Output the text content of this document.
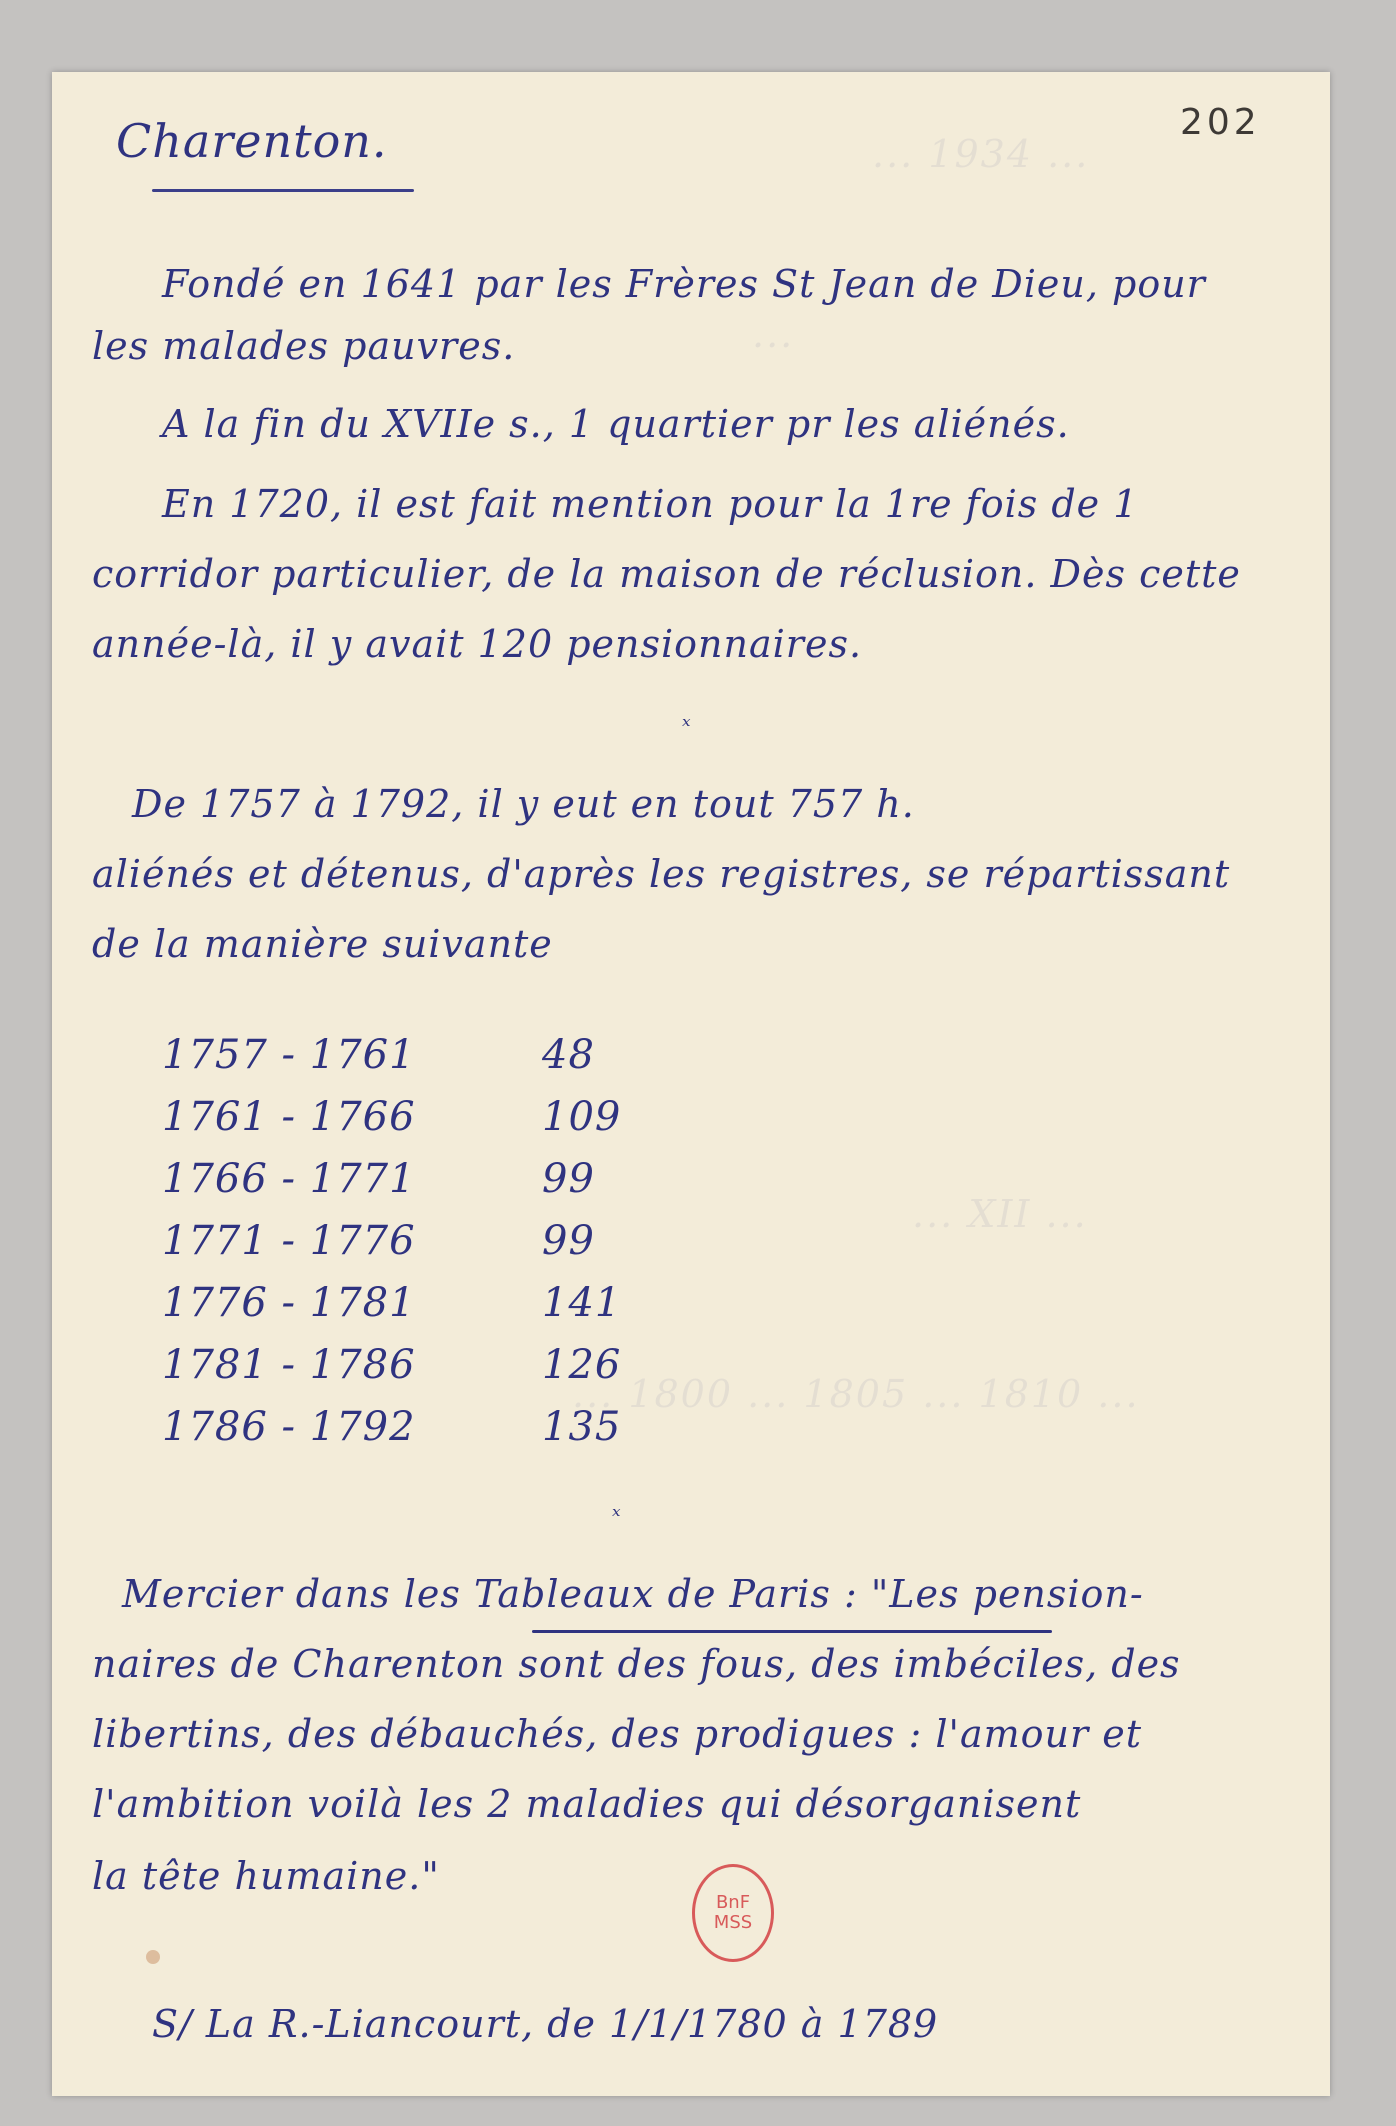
... 1934 ...
...
... XII ...
... 1800 ... 1805 ... 1810 ...
202
Charenton.
Fondé en 1641 par les Frères St Jean de Dieu, pour
les malades pauvres.
A la fin du XVIIe s., 1 quartier pr les aliénés.
En 1720, il est fait mention pour la 1re fois de 1
corridor particulier, de la maison de réclusion. Dès cette
année-là, il y avait 120 pensionnaires.
ˣ
De 1757 à 1792, il y eut en tout 757 h.
aliénés et détenus, d'après les registres, se répartissant
de la manière suivante
1757 - 1761	48
1761 - 1766	109
1766 - 1771	99
1771 - 1776	99
1776 - 1781	141
1781 - 1786	126
1786 - 1792	135
ˣ
Mercier dans les Tableaux de Paris : "Les pension-
naires de Charenton sont des fous, des imbéciles, des
libertins, des débauchés, des prodigues : l'amour et
l'ambition voilà les 2 maladies qui désorganisent
la tête humaine."
BnF
MSS
S/ La R.-Liancourt, de 1/1/1780 à 1789
